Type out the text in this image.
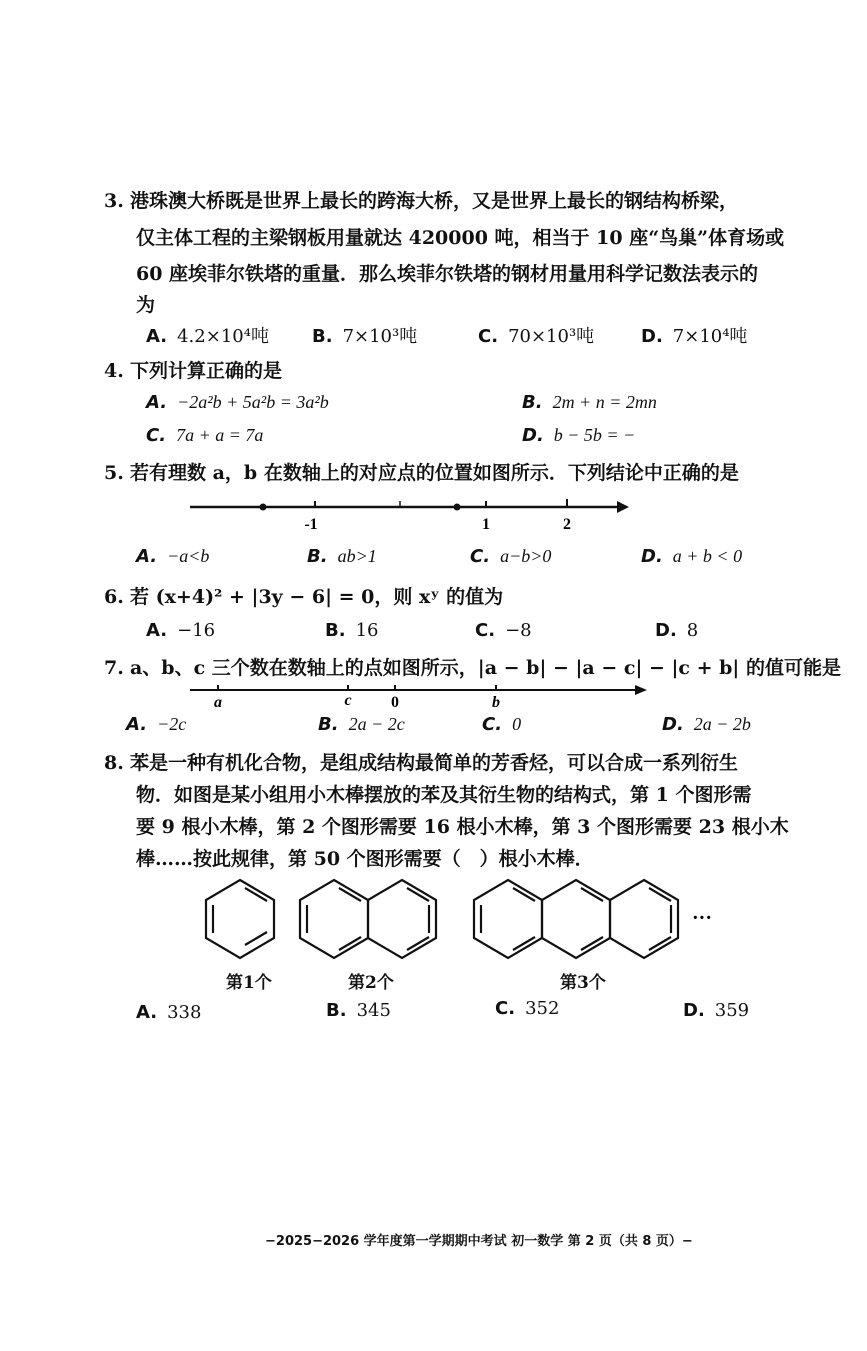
3. 港珠澳大桥既是世界上最长的跨海大桥，又是世界上最长的钢结构桥梁，
仅主体工程的主梁钢板用量就达 420000 吨，相当于 10 座“鸟巢”体育场或
60 座埃菲尔铁塔的重量．那么埃菲尔铁塔的钢材用量用科学记数法表示的
为
A. 4.2×10⁴吨 B. 7×10³吨	C. 70×10³吨	D. 7×10⁴吨
4. 下列计算正确的是
A. −2a²b + 5a²b = 3a²b	B. 2m + n = 2mn
C. 7a + a = 7a	D. b − 5b = −
5. 若有理数 a，b 在数轴上的对应点的位置如图所示．下列结论中正确的是
-1	1	2
A. −a<b	B. ab>1	C. a−b>0	D. a + b < 0
6. 若 (x+4)² + |3y − 6| = 0，则 xʸ 的值为
A. −16	B. 16	C. −8	D. 8
7. a、b、c 三个数在数轴上的点如图所示，|a − b| − |a − c| − |c + b| 的值可能是
a	c 0	b
A. −2c	B. 2a − 2c	C. 0	D. 2a − 2b
8. 苯是一种有机化合物，是组成结构最简单的芳香烃，可以合成一系列衍生
物．如图是某小组用小木棒摆放的苯及其衍生物的结构式，第 1 个图形需
要 9 根小木棒，第 2 个图形需要 16 根小木棒，第 3 个图形需要 23 根小木
棒……按此规律，第 50 个图形需要（　）根小木棒．
···
第1个	第2个	第3个
A. 338	B. 345	C. 352	D. 359
−2025−2026 学年度第一学期期中考试 初一数学 第 2 页（共 8 页）−
